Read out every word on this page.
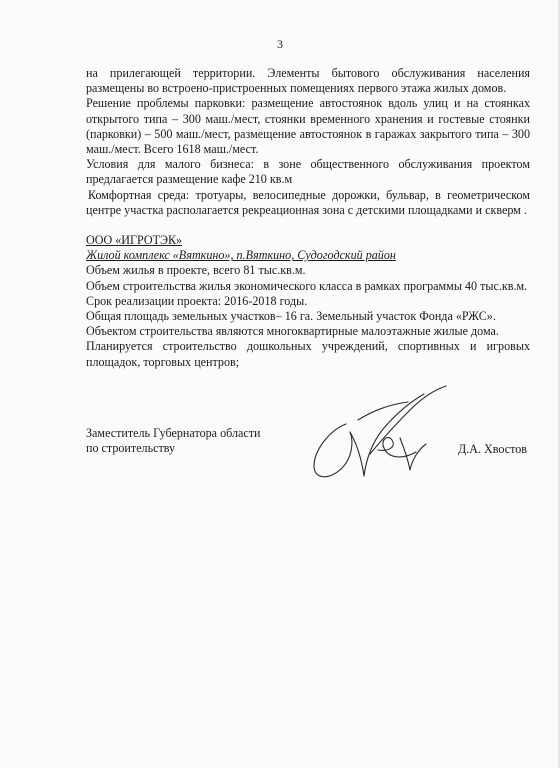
3

на прилегающей территории. Элементы бытового обслуживания населения размещены во встроено-пристроенных помещениях первого этажа жилых домов.

Решение проблемы парковки: размещение автостоянок вдоль улиц и на стоянках открытого типа – 300 маш./мест, стоянки временного хранения и гостевые стоянки (парковки) – 500 маш./мест, размещение автостоянок в гаражах закрытого типа – 300 маш./мест. Всего 1618 маш./мест.

Условия для малого бизнеса: в зоне общественного обслуживания проектом предлагается размещение кафе 210 кв.м

Комфортная среда: тротуары, велосипедные дорожки, бульвар, в геометрическом центре участка располагается рекреационная зона с детскими площадками и скверм .

ООО «ИГРОТЭК»

Жилой комплекс «Вяткино», п.Вяткино, Судогодский район

Объем жилья в проекте, всего 81 тыс.кв.м.

Объем строительства жилья экономического класса в рамках программы 40 тыс.кв.м.

Срок реализации проекта: 2016-2018 годы.

Общая площадь земельных участков– 16 га. Земельный участок Фонда «РЖС».

Объектом строительства являются многоквартирные малоэтажные жилые дома.

Планируется строительство дошкольных учреждений, спортивных и игровых площадок, торговых центров;

Заместитель Губернатора области
по строительству	Д.А. Хвостов
